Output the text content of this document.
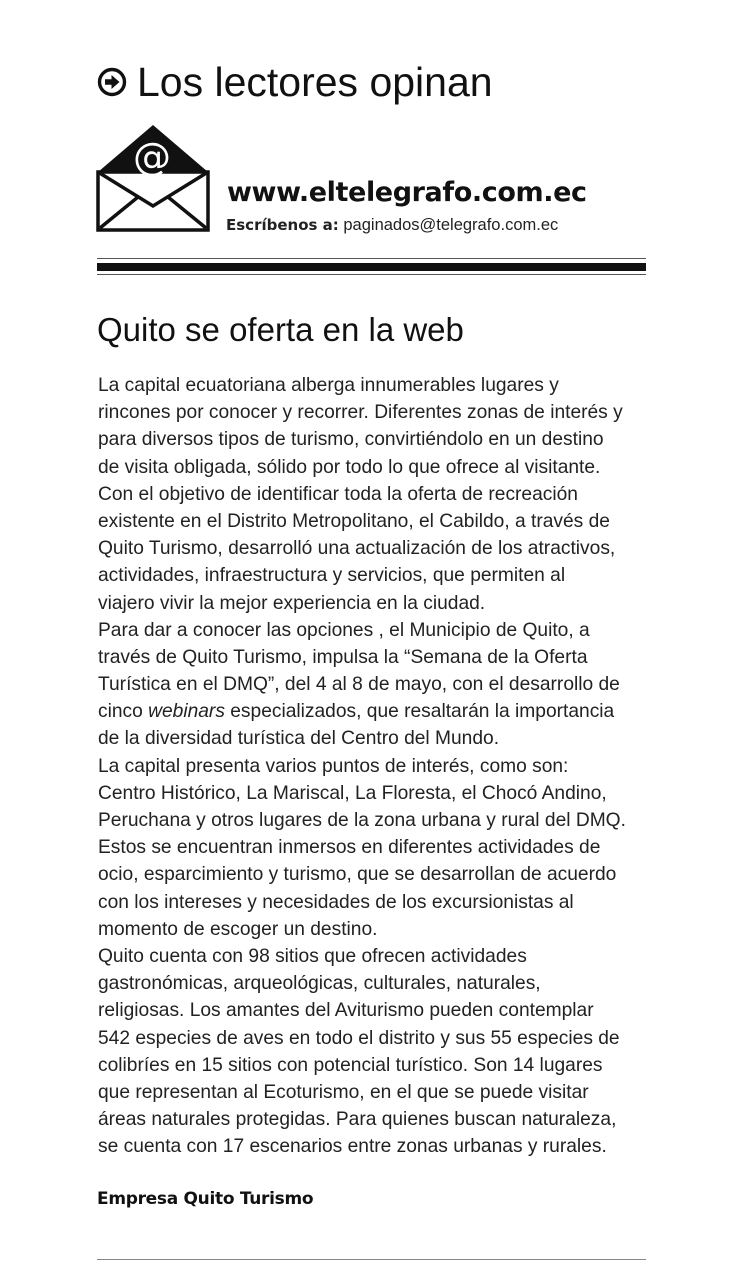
Los lectores opinan
@
www.eltelegrafo.com.ec
Escríbenos a: paginados@telegrafo.com.ec
Quito se oferta en la web
La capital ecuatoriana alberga innumerables lugares y
rincones por conocer y recorrer. Diferentes zonas de interés y
para diversos tipos de turismo, convirtiéndolo en un destino
de visita obligada, sólido por todo lo que ofrece al visitante.
Con el objetivo de identificar toda la oferta de recreación
existente en el Distrito Metropolitano, el Cabildo, a través de
Quito Turismo, desarrolló una actualización de los atractivos,
actividades, infraestructura y servicios, que permiten al
viajero vivir la mejor experiencia en la ciudad.
Para dar a conocer las opciones , el Municipio de Quito, a
través de Quito Turismo, impulsa la “Semana de la Oferta
Turística en el DMQ”, del 4 al 8 de mayo, con el desarrollo de
cinco webinars especializados, que resaltarán la importancia
de la diversidad turística del Centro del Mundo.
La capital presenta varios puntos de interés, como son:
Centro Histórico, La Mariscal, La Floresta, el Chocó Andino,
Peruchana y otros lugares de la zona urbana y rural del DMQ.
Estos se encuentran inmersos en diferentes actividades de
ocio, esparcimiento y turismo, que se desarrollan de acuerdo
con los intereses y necesidades de los excursionistas al
momento de escoger un destino.
Quito cuenta con 98 sitios que ofrecen actividades
gastronómicas, arqueológicas, culturales, naturales,
religiosas. Los amantes del Aviturismo pueden contemplar
542 especies de aves en todo el distrito y sus 55 especies de
colibríes en 15 sitios con potencial turístico. Son 14 lugares
que representan al Ecoturismo, en el que se puede visitar
áreas naturales protegidas. Para quienes buscan naturaleza,
se cuenta con 17 escenarios entre zonas urbanas y rurales.
Empresa Quito Turismo
